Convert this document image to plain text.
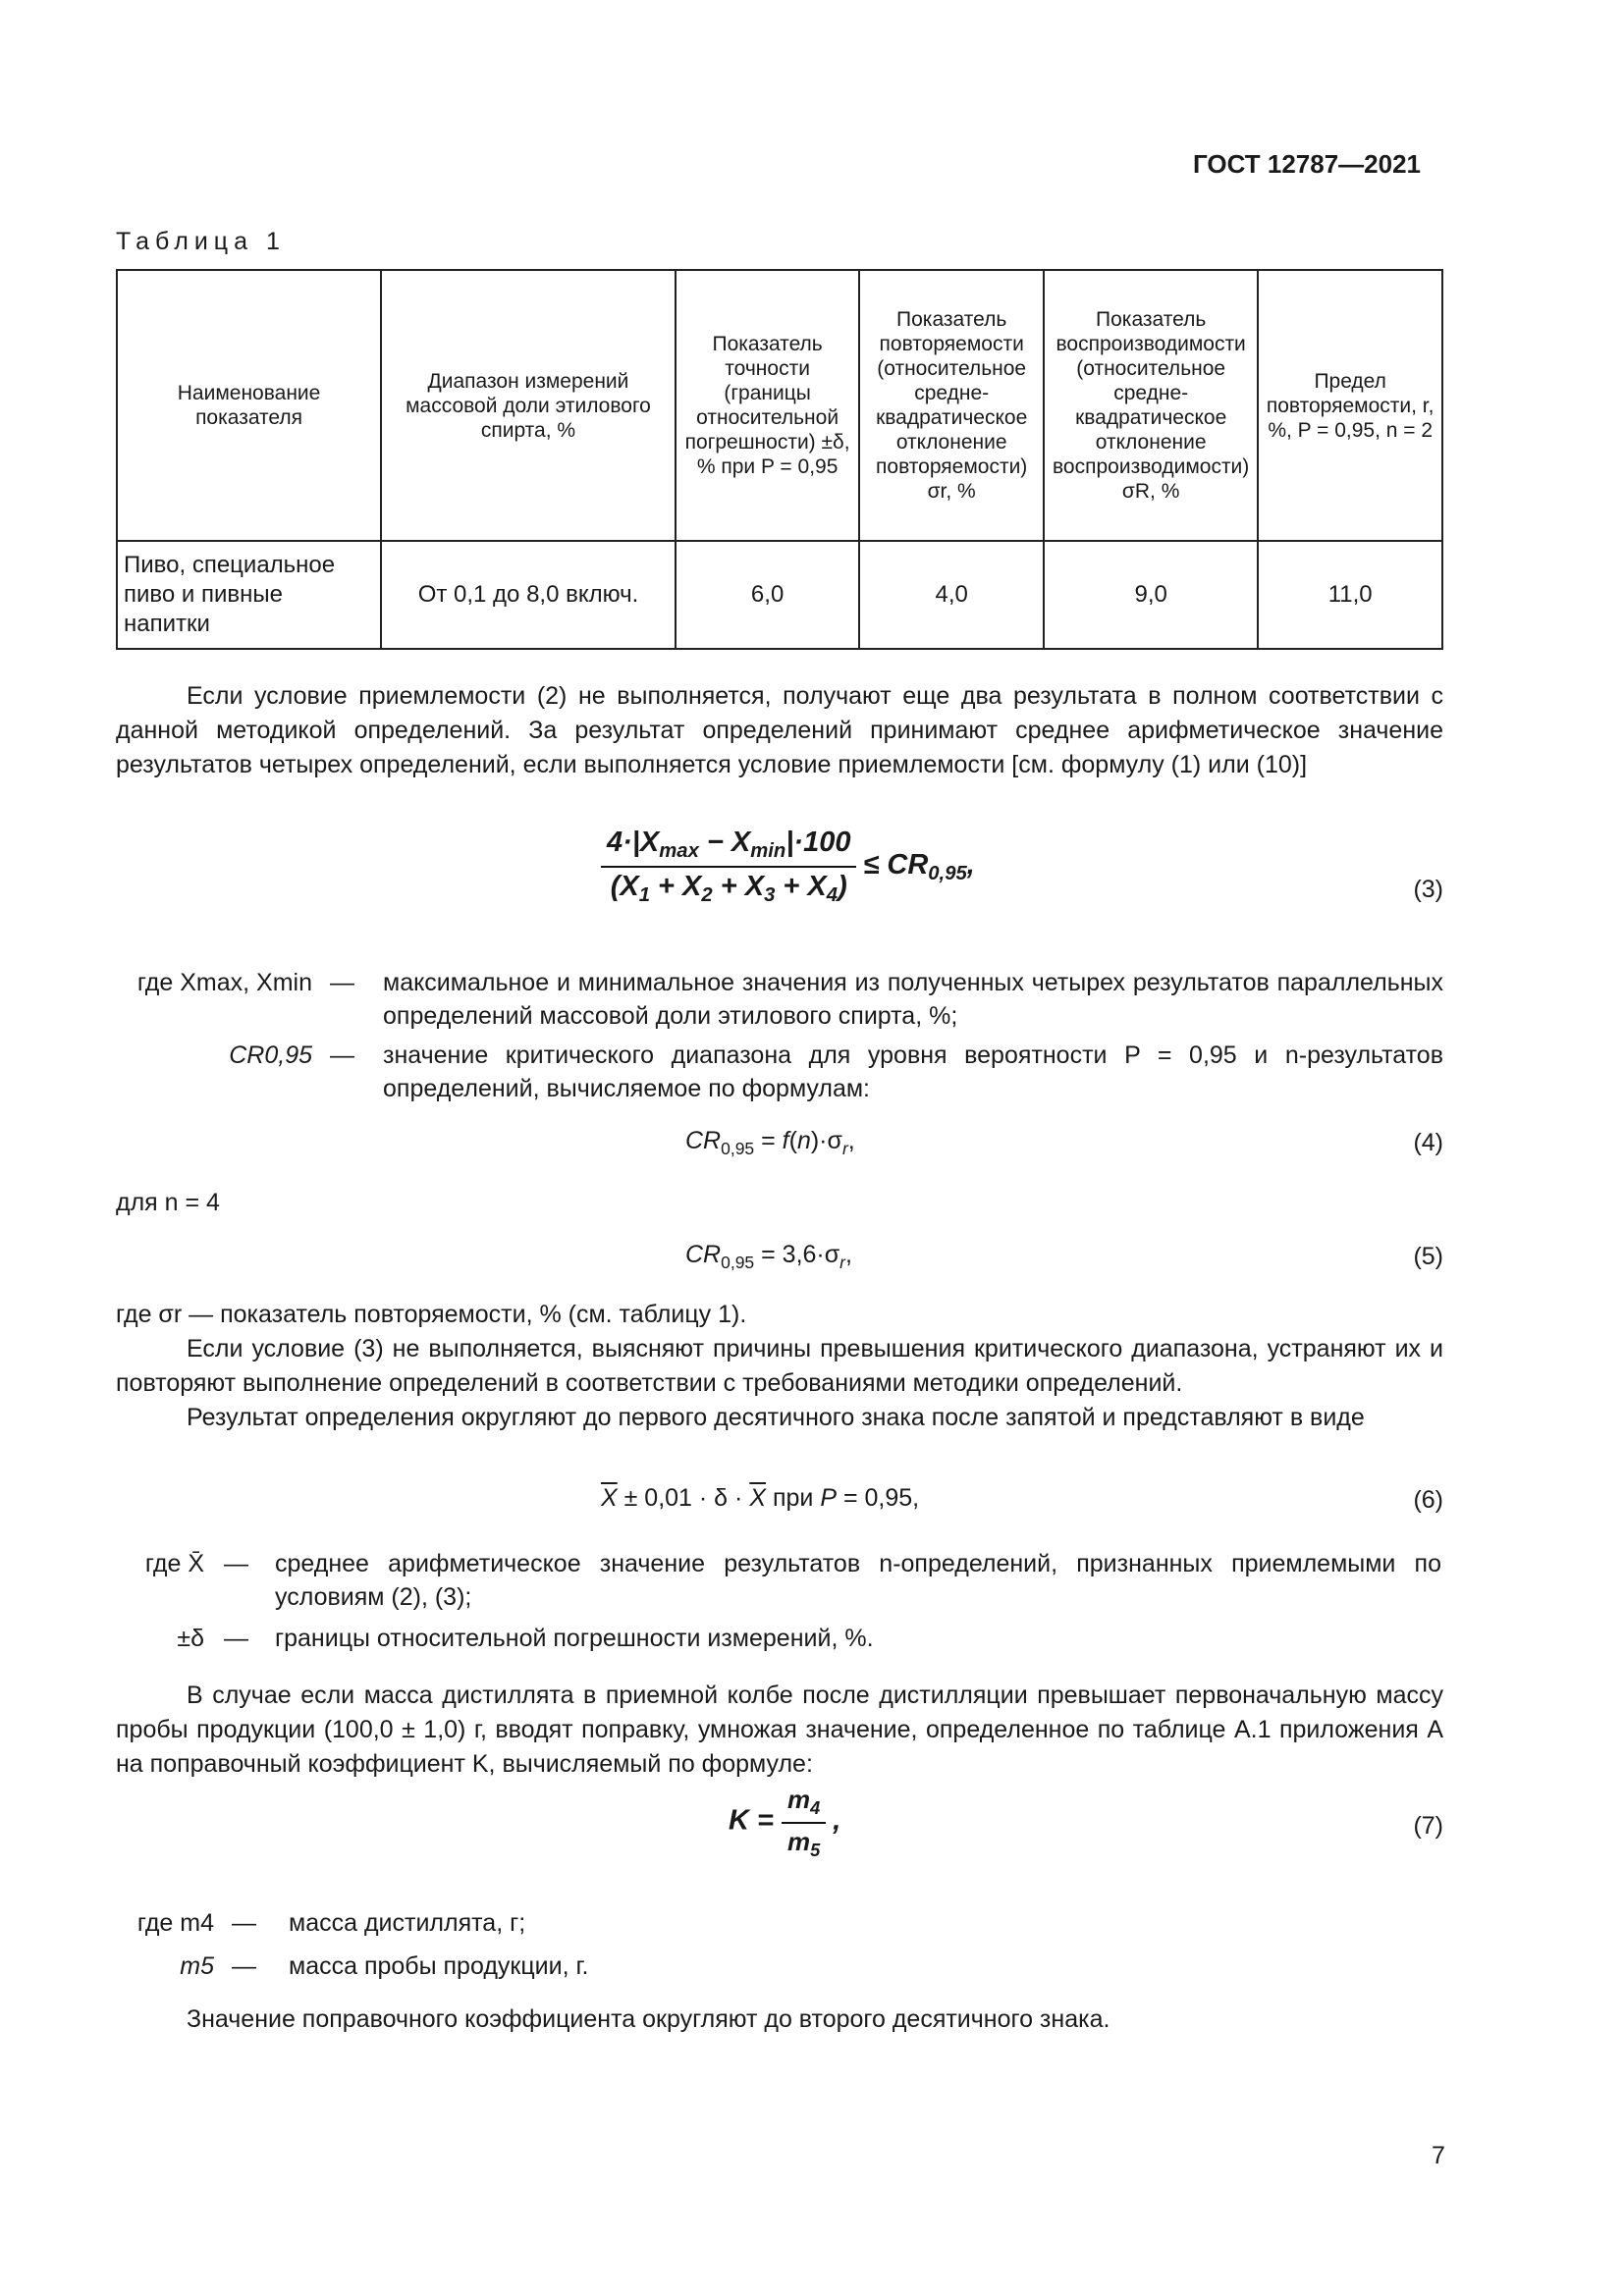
ГОСТ 12787—2021
Таблица 1
Наименование показателя	Диапазон измерений массовой доли этилового спирта, %	Показатель точности (границы относительной погрешности) ±δ, % при P = 0,95	Показатель повторяемости (относительное средне-квадратическое отклонение повторяемости) σr, %	Показатель воспроизводимости (относительное средне-квадратическое отклонение воспроизводимости) σR, %	Предел повторяемости, r, %, P = 0,95, n = 2
Пиво, специальное пиво и пивные напитки	От 0,1 до 8,0 включ.	6,0	4,0	9,0	11,0
Если условие приемлемости (2) не выполняется, получают еще два результата в полном соответствии с данной методикой определений. За результат определений принимают среднее арифметическое значение результатов четырех определений, если выполняется условие приемлемости [см. формулу (1) или (10)]
$\frac{4\cdot|X_{max} - X_{min}|\cdot 100}{(X_1 + X_2 + X_3 + X_4)} \le CR_{0,95}$,
(3)
где Xmax, Xmin — максимальное и минимальное значения из полученных четырех результатов параллельных определений массовой доли этилового спирта, %;
CR0,95 — значение критического диапазона для уровня вероятности P = 0,95 и n-результатов определений, вычисляемое по формулам:
$CR_{0,95} = f(n)\cdot\sigma_r$,	(4)
для n = 4
$CR_{0,95} = 3,6\cdot\sigma_r$,	(5)
где σr — показатель повторяемости, % (см. таблицу 1).
Если условие (3) не выполняется, выясняют причины превышения критического диапазона, устраняют их и повторяют выполнение определений в соответствии с требованиями методики определений.
Результат определения округляют до первого десятичного знака после запятой и представляют в виде
$\overline{X} \pm 0,01 \cdot \delta \cdot \overline{X}$ при P = 0,95,	(6)
где X̄ — среднее арифметическое значение результатов n-определений, признанных приемлемыми по условиям (2), (3);
±δ — границы относительной погрешности измерений, %.
В случае если масса дистиллята в приемной колбе после дистилляции превышает первоначальную массу пробы продукции (100,0 ± 1,0) г, вводят поправку, умножая значение, определенное по таблице А.1 приложения А на поправочный коэффициент K, вычисляемый по формуле:
$K = \frac{m_4}{m_5}$ ,	(7)
где m4 — масса дистиллята, г;
m5 — масса пробы продукции, г.
Значение поправочного коэффициента округляют до второго десятичного знака.
7
